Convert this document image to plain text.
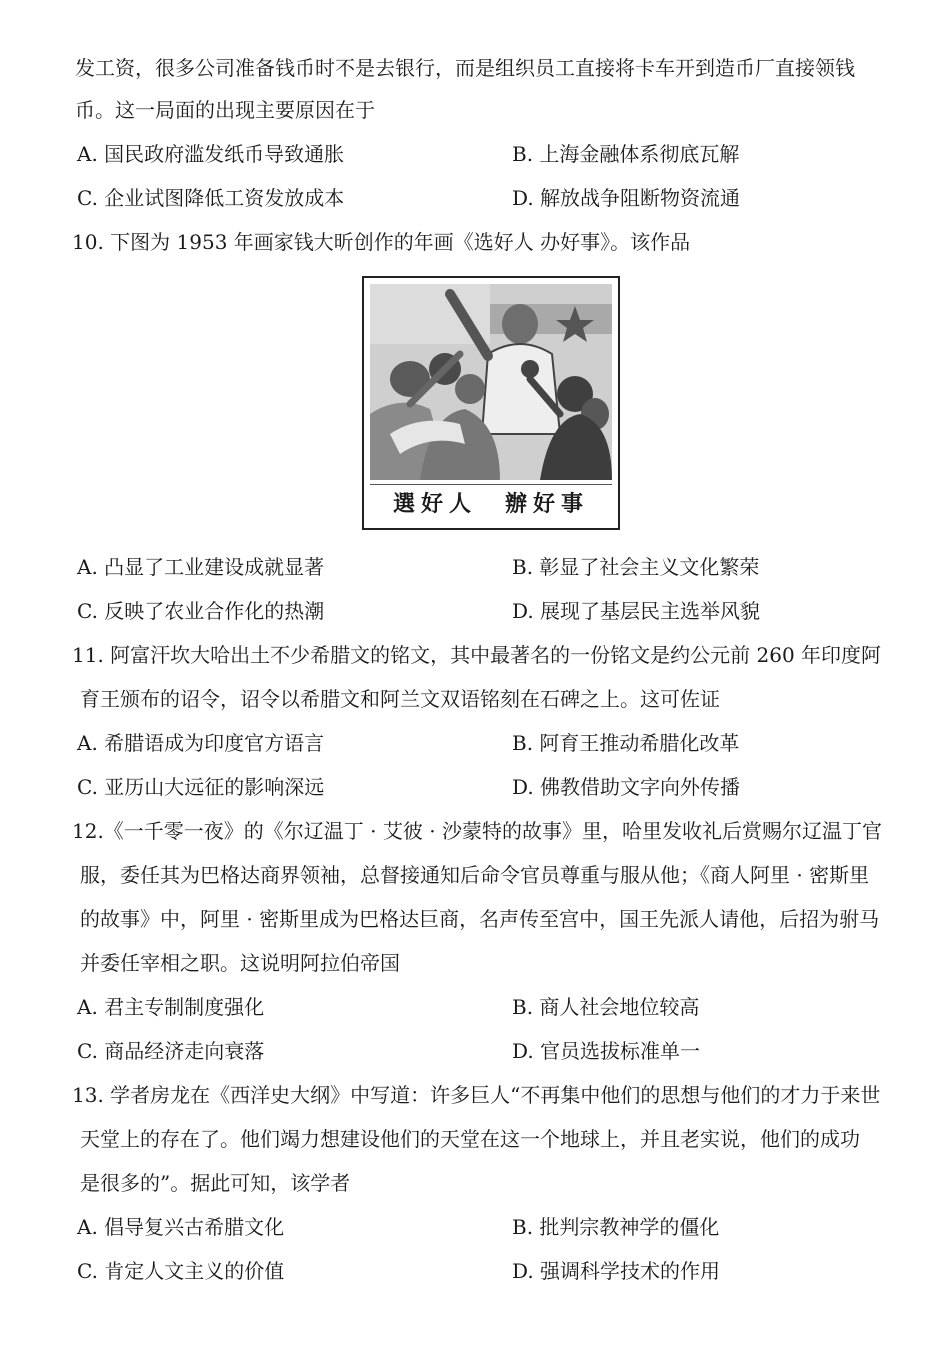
发工资，很多公司准备钱币时不是去银行，而是组织员工直接将卡车开到造币厂直接领钱
币。这一局面的出现主要原因在于
A. 国民政府滥发纸币导致通胀	B. 上海金融体系彻底瓦解
C. 企业试图降低工资发放成本	D. 解放战争阻断物资流通
10. 下图为 1953 年画家钱大昕创作的年画《选好人 办好事》。该作品
選好人　辦好事
A. 凸显了工业建设成就显著	B. 彰显了社会主义文化繁荣
C. 反映了农业合作化的热潮	D. 展现了基层民主选举风貌
11. 阿富汗坎大哈出土不少希腊文的铭文，其中最著名的一份铭文是约公元前 260 年印度阿
育王颁布的诏令，诏令以希腊文和阿兰文双语铭刻在石碑之上。这可佐证
A. 希腊语成为印度官方语言	B. 阿育王推动希腊化改革
C. 亚历山大远征的影响深远	D. 佛教借助文字向外传播
12.《一千零一夜》的《尔辽温丁 · 艾彼 · 沙蒙特的故事》里，哈里发收礼后赏赐尔辽温丁官
服，委任其为巴格达商界领袖，总督接通知后命令官员尊重与服从他；《商人阿里 · 密斯里
的故事》中，阿里 · 密斯里成为巴格达巨商，名声传至宫中，国王先派人请他，后招为驸马
并委任宰相之职。这说明阿拉伯帝国
A. 君主专制制度强化	B. 商人社会地位较高
C. 商品经济走向衰落	D. 官员选拔标准单一
13. 学者房龙在《西洋史大纲》中写道：许多巨人“不再集中他们的思想与他们的才力于来世
天堂上的存在了。他们竭力想建设他们的天堂在这一个地球上，并且老实说，他们的成功
是很多的”。据此可知，该学者
A. 倡导复兴古希腊文化	B. 批判宗教神学的僵化
C. 肯定人文主义的价值	D. 强调科学技术的作用
